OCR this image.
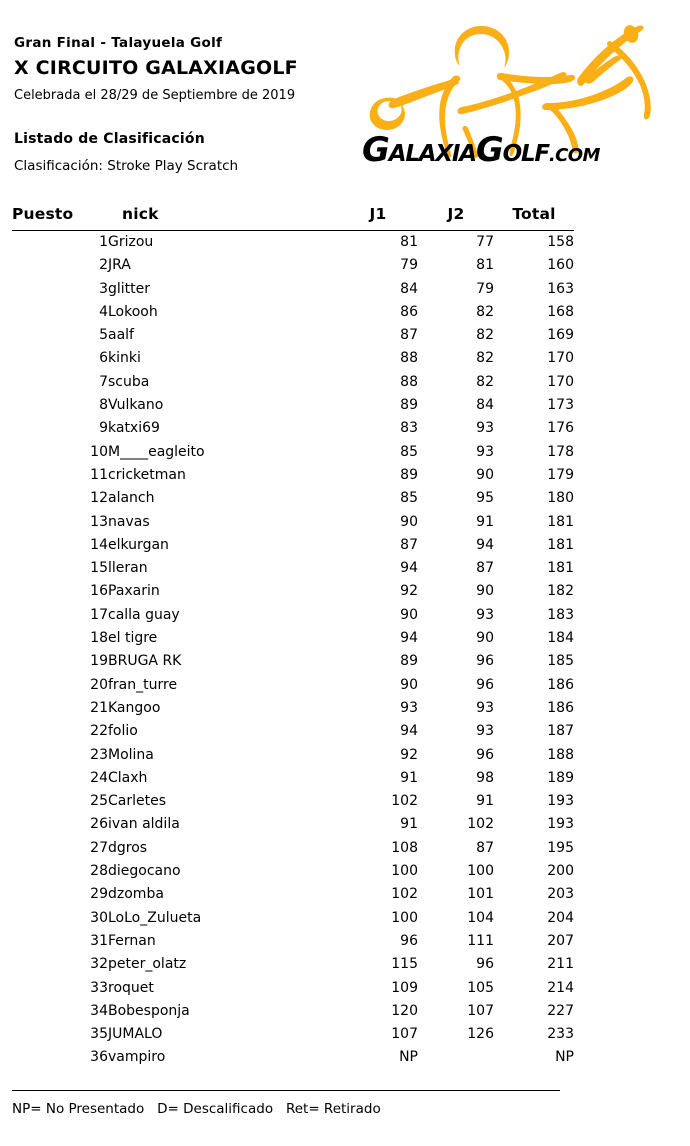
Gran Final - Talayuela Golf
X CIRCUITO GALAXIAGOLF
Celebrada el 28/29 de Septiembre de 2019
Listado de Clasificación
Clasificación: Stroke Play Scratch	GALAXIAGOLF.COM
Puesto	nick	J1	J2	Total
1	Grizou	81	77	158
2	JRA	79	81	160
3	glitter	84	79	163
4	Lokooh	86	82	168
5	aalf	87	82	169
6	kinki	88	82	170
7	scuba	88	82	170
8	Vulkano	89	84	173
9	katxi69	83	93	176
10	M____eagleito	85	93	178
11	cricketman	89	90	179
12	alanch	85	95	180
13	navas	90	91	181
14	elkurgan	87	94	181
15	lleran	94	87	181
16	Paxarin	92	90	182
17	calla guay	90	93	183
18	el tigre	94	90	184
19	BRUGA RK	89	96	185
20	fran_turre	90	96	186
21	Kangoo	93	93	186
22	folio	94	93	187
23	Molina	92	96	188
24	Claxh	91	98	189
25	Carletes	102	91	193
26	ivan aldila	91	102	193
27	dgros	108	87	195
28	diegocano	100	100	200
29	dzomba	102	101	203
30	LoLo_Zulueta	100	104	204
31	Fernan	96	111	207
32	peter_olatz	115	96	211
33	roquet	109	105	214
34	Bobesponja	120	107	227
35	JUMALO	107	126	233
36	vampiro	NP		NP
NP= No Presentado   D= Descalificado   Ret= Retirado
